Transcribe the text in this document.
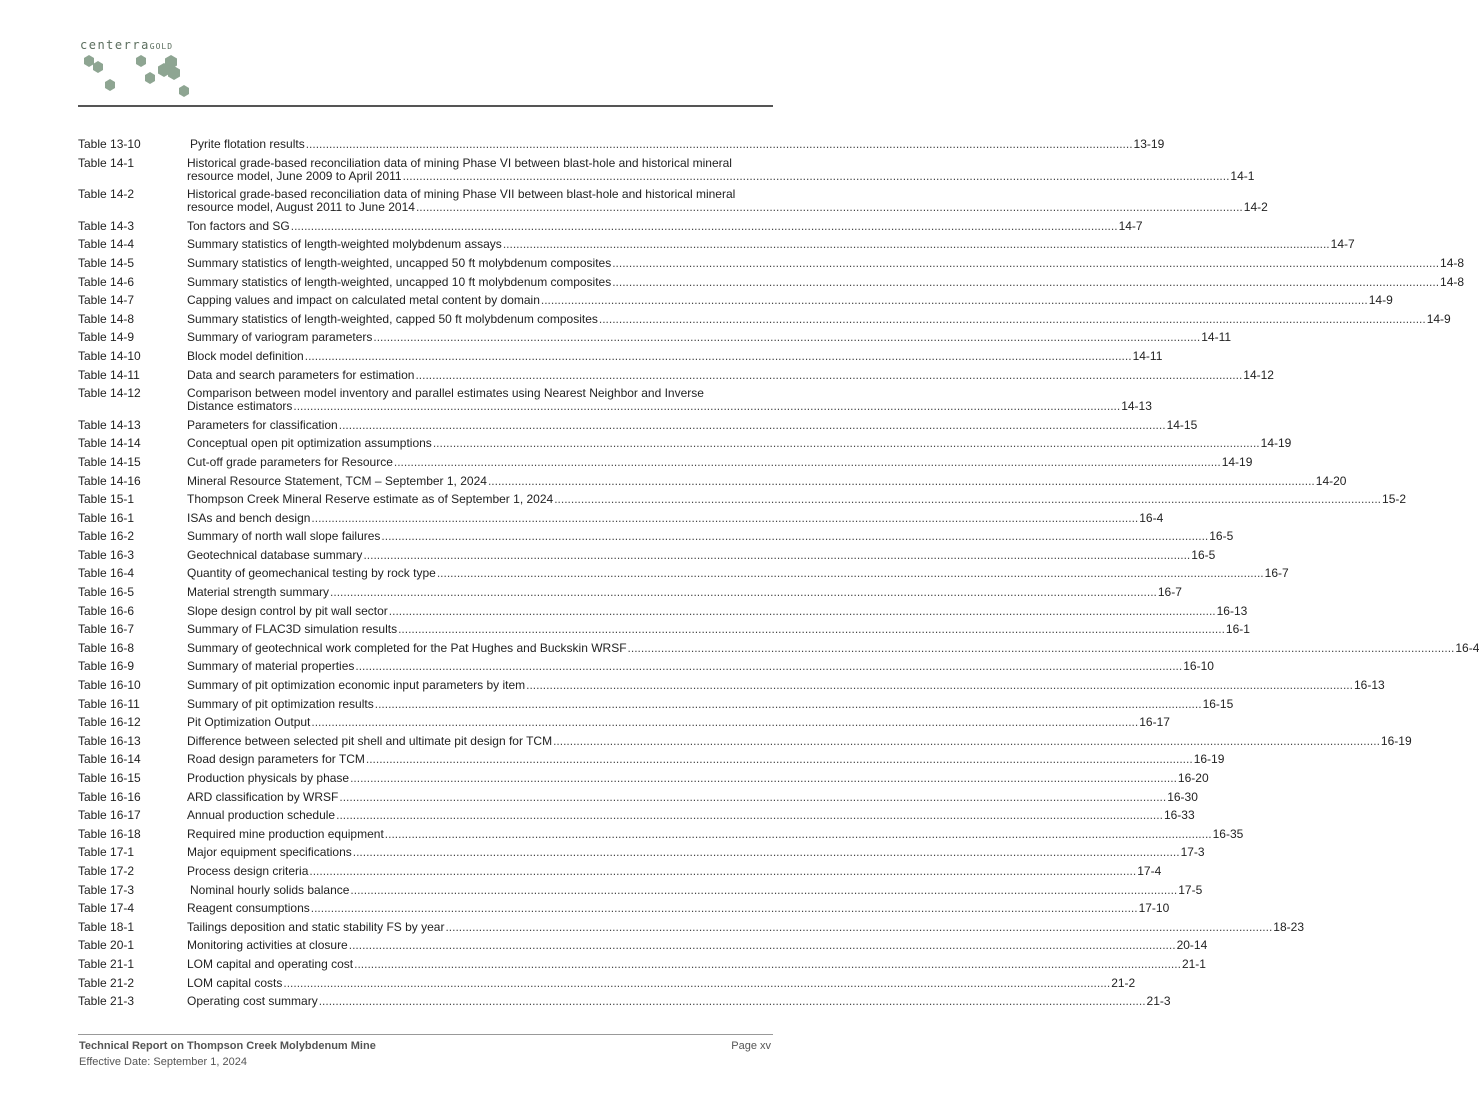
centerraGOLD
Table 13-10	Pyrite flotation results .....	13-19
Table 14-1	Historical grade-based reconciliation data of mining Phase VI between blast-hole and historical mineral
resource model, June 2009 to April 2011 .....	14-1
Table 14-2	Historical grade-based reconciliation data of mining Phase VII between blast-hole and historical mineral
resource model, August 2011 to June 2014 .....	14-2
Table 14-3	Ton factors and SG .....	14-7
Table 14-4	Summary statistics of length-weighted molybdenum assays .....	14-7
Table 14-5	Summary statistics of length-weighted, uncapped 50 ft molybdenum composites .....	14-8
Table 14-6	Summary statistics of length-weighted, uncapped 10 ft molybdenum composites .....	14-8
Table 14-7	Capping values and impact on calculated metal content by domain .....	14-9
Table 14-8	Summary statistics of length-weighted, capped 50 ft molybdenum composites .....	14-9
Table 14-9	Summary of variogram parameters .....	14-11
Table 14-10	Block model definition .....	14-11
Table 14-11	Data and search parameters for estimation .....	14-12
Table 14-12	Comparison between model inventory and parallel estimates using Nearest Neighbor and Inverse
Distance estimators .....	14-13
Table 14-13	Parameters for classification .....	14-15
Table 14-14	Conceptual open pit optimization assumptions .....	14-19
Table 14-15	Cut-off grade parameters for Resource .....	14-19
Table 14-16	Mineral Resource Statement, TCM – September 1, 2024 .....	14-20
Table 15-1	Thompson Creek Mineral Reserve estimate as of September 1, 2024 .....	15-2
Table 16-1	ISAs and bench design .....	16-4
Table 16-2	Summary of north wall slope failures .....	16-5
Table 16-3	Geotechnical database summary .....	16-5
Table 16-4	Quantity of geomechanical testing by rock type .....	16-7
Table 16-5	Material strength summary .....	16-7
Table 16-6	Slope design control by pit wall sector .....	16-13
Table 16-7	Summary of FLAC3D simulation results .....	16-1
Table 16-8	Summary of geotechnical work completed for the Pat Hughes and Buckskin WRSF .....	16-4
Table 16-9	Summary of material properties .....	16-10
Table 16-10	Summary of pit optimization economic input parameters by item .....	16-13
Table 16-11	Summary of pit optimization results .....	16-15
Table 16-12	Pit Optimization Output .....	16-17
Table 16-13	Difference between selected pit shell and ultimate pit design for TCM .....	16-19
Table 16-14	Road design parameters for TCM .....	16-19
Table 16-15	Production physicals by phase .....	16-20
Table 16-16	ARD classification by WRSF .....	16-30
Table 16-17	Annual production schedule .....	16-33
Table 16-18	Required mine production equipment .....	16-35
Table 17-1	Major equipment specifications .....	17-3
Table 17-2	Process design criteria .....	17-4
Table 17-3	Nominal hourly solids balance .....	17-5
Table 17-4	Reagent consumptions .....	17-10
Table 18-1	Tailings deposition and static stability FS by year .....	18-23
Table 20-1	Monitoring activities at closure .....	20-14
Table 21-1	LOM capital and operating cost .....	21-1
Table 21-2	LOM capital costs .....	21-2
Table 21-3	Operating cost summary .....	21-3
Technical Report on Thompson Creek Molybdenum Mine
Effective Date: September 1, 2024
Page xv
